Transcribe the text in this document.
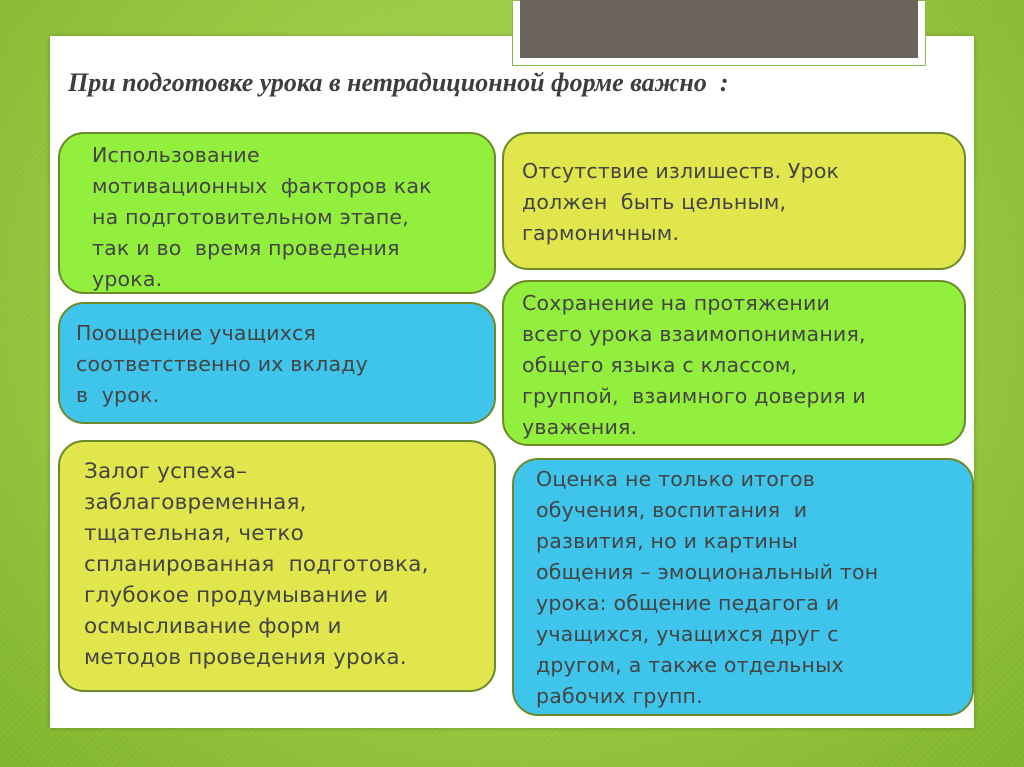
При подготовке урока в нетрадиционной форме важно  :

Использование
мотивационных  факторов как
на подготовительном этапе,
так и во  время проведения
урока.

Поощрение учащихся
соответственно их вкладу
в  урок.

Залог успеха–
заблаговременная,
тщательная, четко
спланированная  подготовка,
глубокое продумывание и
осмысливание форм и
методов проведения урока.

Отсутствие излишеств. Урок
должен  быть цельным,
гармоничным.

Сохранение на протяжении
всего урока взаимопонимания,
общего языка с классом,
группой,  взаимного доверия и
уважения.

Оценка не только итогов
обучения, воспитания  и
развития, но и картины
общения – эмоциональный тон
урока: общение педагога и
учащихся, учащихся друг с
другом, а также отдельных
рабочих групп.
